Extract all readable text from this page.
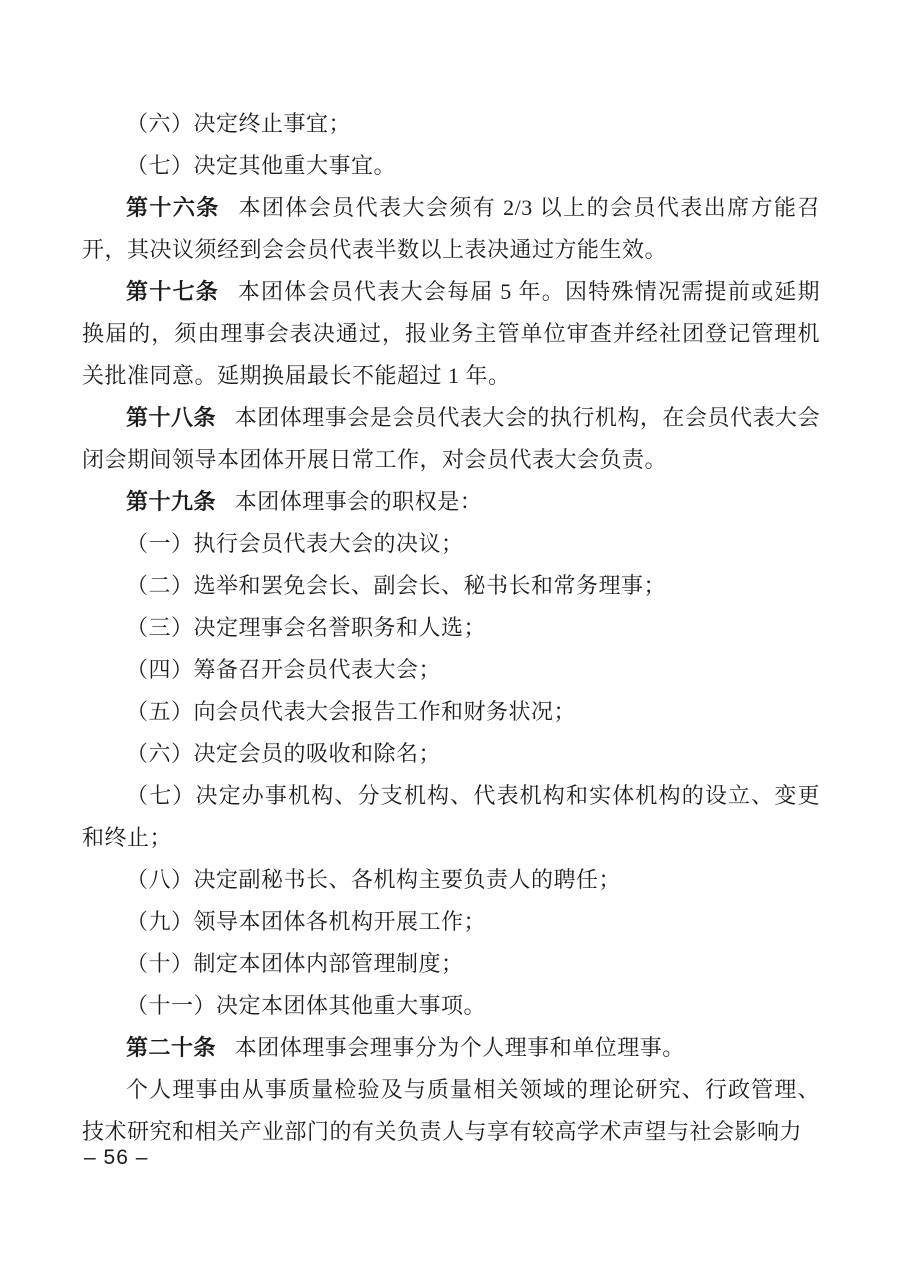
（六）决定终止事宜；

（七）决定其他重大事宜。

第十六条 本团体会员代表大会须有 2/3 以上的会员代表出席方能召开，其决议须经到会会员代表半数以上表决通过方能生效。

第十七条 本团体会员代表大会每届 5 年。因特殊情况需提前或延期换届的，须由理事会表决通过，报业务主管单位审查并经社团登记管理机关批准同意。延期换届最长不能超过 1 年。

第十八条 本团体理事会是会员代表大会的执行机构，在会员代表大会闭会期间领导本团体开展日常工作，对会员代表大会负责。

第十九条 本团体理事会的职权是：

（一）执行会员代表大会的决议；

（二）选举和罢免会长、副会长、秘书长和常务理事；

（三）决定理事会名誉职务和人选；

（四）筹备召开会员代表大会；

（五）向会员代表大会报告工作和财务状况；

（六）决定会员的吸收和除名；

（七）决定办事机构、分支机构、代表机构和实体机构的设立、变更和终止；

（八）决定副秘书长、各机构主要负责人的聘任；

（九）领导本团体各机构开展工作；

（十）制定本团体内部管理制度；

（十一）决定本团体其他重大事项。

第二十条 本团体理事会理事分为个人理事和单位理事。

个人理事由从事质量检验及与质量相关领域的理论研究、行政管理、技术研究和相关产业部门的有关负责人与享有较高学术声望与社会影响力

– 56 –
